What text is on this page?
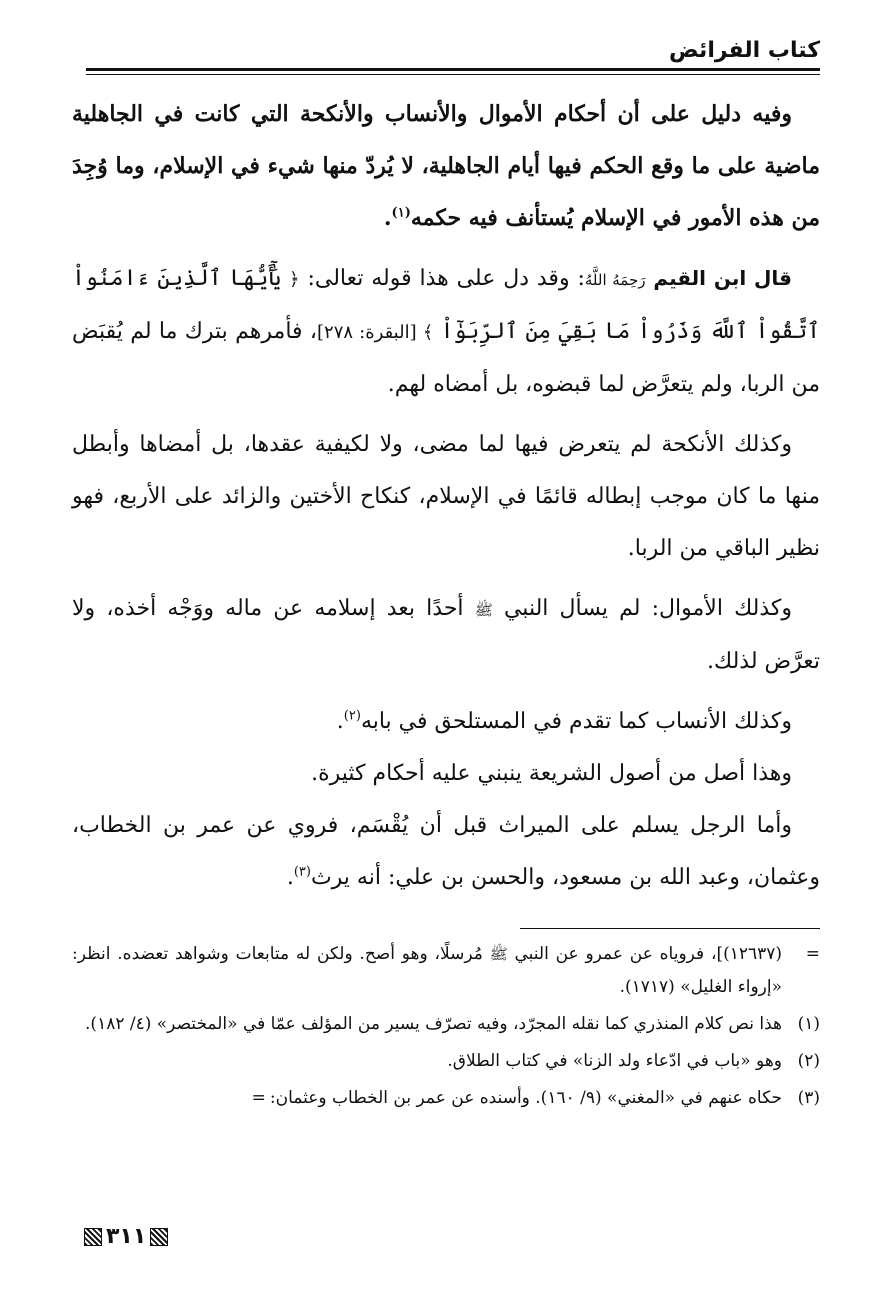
كتاب الفرائض

وفيه دليل على أن أحكام الأموال والأنساب والأنكحة التي كانت في الجاهلية ماضية على ما وقع الحكم فيها أيام الجاهلية، لا يُردّ منها شيء في الإسلام، وما وُجِدَ من هذه الأمور في الإسلام يُستأنف فيه حكمه$^{(١)}$.

قال ابن القيم رَحِمَهُ اللَّهُ: وقد دل على هذا قوله تعالى: ﴿ يَٰٓأَيُّهَا ٱلَّذِينَ ءَامَنُواْ ٱتَّقُواْ ٱللَّهَ وَذَرُواْ مَا بَقِيَ مِنَ ٱلرِّبَوٰٓاْ ﴾ [البقرة: ٢٧٨]، فأمرهم بترك ما لم يُقبَض من الربا، ولم يتعرَّض لما قبضوه، بل أمضاه لهم.

وكذلك الأنكحة لم يتعرض فيها لما مضى، ولا لكيفية عقدها، بل أمضاها وأبطل منها ما كان موجب إبطاله قائمًا في الإسلام، كنكاح الأختين والزائد على الأربع، فهو نظير الباقي من الربا.

وكذلك الأموال: لم يسأل النبي ﷺ أحدًا بعد إسلامه عن ماله ووَجْه أخذه، ولا تعرَّض لذلك.

وكذلك الأنساب كما تقدم في المستلحق في بابه$^{(٢)}$.

وهذا أصل من أصول الشريعة ينبني عليه أحكام كثيرة.

وأما الرجل يسلم على الميراث قبل أن يُقْسَم، فروي عن عمر بن الخطاب، وعثمان، وعبد الله بن مسعود، والحسن بن علي: أنه يرث$^{(٣)}$.

=
(١٢٦٣٧)]، فروياه عن عمرو عن النبي ﷺ مُرسلًا، وهو أصح. ولكن له متابعات وشواهد تعضده. انظر: «إرواء الغليل» (١٧١٧).
(١)
هذا نص كلام المنذري كما نقله المجرّد، وفيه تصرّف يسير من المؤلف عمّا في «المختصر» (٤/ ١٨٢).
(٢)
وهو «باب في ادّعاء ولد الزنا» في كتاب الطلاق.
(٣)
حكاه عنهم في «المغني» (٩/ ١٦٠). وأسنده عن عمر بن الخطاب وعثمان:=
٣١١
